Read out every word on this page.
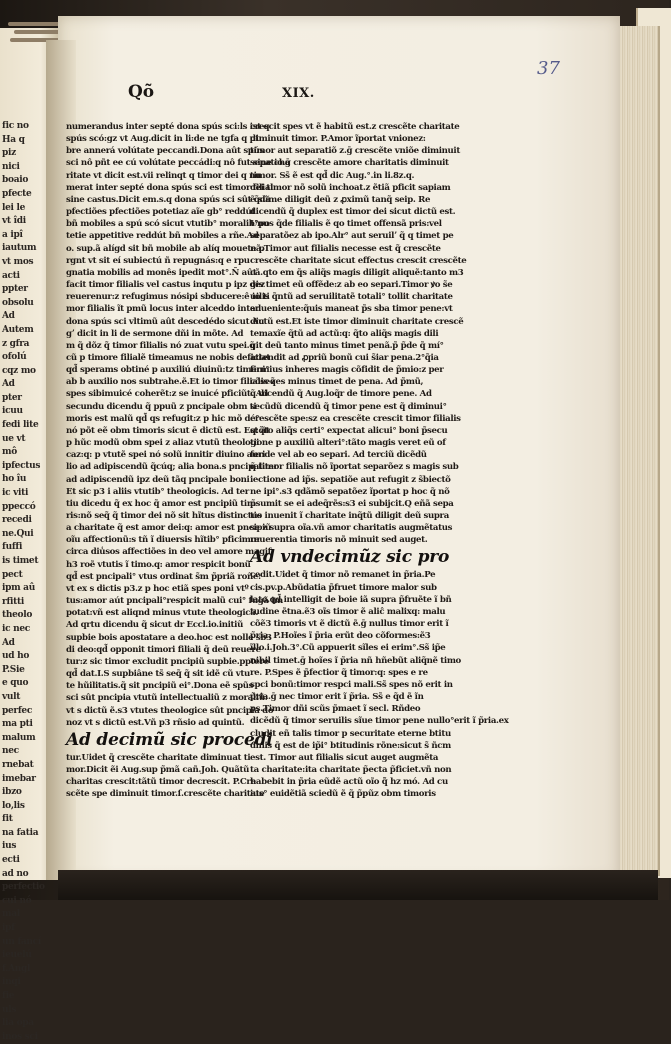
fic no
Ha q
piz
nici
boaio
pfecte
lei le
vt îdi
a ipî
iautum
vt mos
acti
ppter
obsolu
Ad
Autem
z gfra
ofolú
cqz mo
Ad
pter
icuu
fedi lite
ue vt
mô
ipfectus
ho îu
ic viti
ppeccó
recedi
ne.Qui
fuffi
is timet
pect
ipm aû
rfitti
theolo
ic nec
Ad
ud ho
P.Sie
e quo
vult
perfec
ma pti
malum
nec
rnebat
imebar
ibzo
lo,lis
fit
na fatia
ius
ecti
ad no
perfectio
cui nó
mal
ipf
un fancí
ieuelú
f.Angl
inqi
fie
uls
lia opa
inos sci
Qõ	XIX.
37
numerandus inter septé dona spús sci:ls ist q
spús scó:gz vt Aug.dicit in li:de ne tgfa q pt
bre annerá volútate peccandi.Dona aût spús
sci nô pñt ee cú volútate peccádi:q nô fut sine cha
ritate vt dicit est.vii relinqt q timor dei q nu
merat inter septé dona spús sci est timor filial
sine castus.Dicit em.s.q dona spús sci sût q̃dă
pfectiões pfectiões potetiaz aĩe gb° reddút
bñ mobiles a spú scó sicut vtutib° moralib°po
tetie appetitive reddút bñ mobiles a rñe.Ad
o. sup.ã alígd sit bñ mobile ab alíq mouete p
rgnt vt sit eí subiectú ñ repugnás:q e rpu
gnatia mobilis ad monês ipedit mot°.Ñ aût
facit timor filialis vel castus inqutu p ipz dez
reuerenur:z refugimus nósipi sbducere:ê io ti
mor filialis ĩt pmũ locus inter alceddo inter
dona spús sci vltimũ aût descedédo sicut Au
gʼ dicit in li de sermone dñi in mõte. Ad
m q̃ dõz q̃ timor filialis nó zuat vutu spei.q̃
cũ p timore filialẽ timeamus ne nobis deficiat
qd̃ sperams obtiné p auxiliú diuinũ:tz timeni°
ab b auxilio nos subtrahe.ẽ.Et io timor filialis z
spes sibimuicé coherẽt:z se inuicé pficiũt. Ad
secundu dicendu q̃ ppuũ z pncipale obm ti
moris est malũ qd̃ qs refugit:z p hic mõ dé°
nó põt eẽ obm timoris sicut ē dictũ est. Est ãt
p hũc modũ obm spei z aliaz vtutũ theologi
caz:q: p vtutẽ spei nó solũ innitir diuino auri
lio ad adipiscendũ q̃cúq; alia bona.s pncipaliter
ad adipiscendũ ipz deũ tãq pncipale boni
Et sic p3 i aliis vtutib° theologicis. Ad ter
tiu dicedu q̃ ex hoc q̃ amor est pncipiũ tim
ris:nõ seq̃ q̃ timor dei nõ sit hĩtus distinctus
a charitate q̃ est amor dei:q: amor est pncipiũ
oĩu affectionũ:s tñ ĩ diuersis hĩtib° pficimur
circa diu̾sos affectiões in deo vel amore magif
h3 roẽ vtutis ĩ timo.q: amor respicit bonũ
qd̃ est pncipali° vtus ordinat s̃m p̃priã roñe:
vt ex s dictis p3.z p hoc etiã spes poni vtº
tus:amor aút pncipali°respicit malũ cui° fugã im
potat:vñ est aliqnd minus vtute theologica.
Ad qrtu dicendu q̃ sicut dr Eccl.io.initiũ
supbie bois apostatare a deo.hoc est nolle sb3
di deo:qd̃ opponit timori filiali q̃ deũ reuere
tur:z sic timor excludit pncipiũ supbie.pptere
qd̃ dat.I.S supbiâne ts̃ seq̃ q̃ sit idẽ cũ vtu
te hũilitatis.q̃ sit pncipiũ ei°.Dona eẽ spũs
sci sût pncipia vtutũ intellectualiũ z moraliũ:
vt s dictũ ẽ.s3 vtutes theologice sût pncipia do
noz vt s dictũ est.Vñ p3 rñsio ad quintũ.
Ad decimũ sic procedi
tur.Uidet q̃ crescẽte charitate diminuat ti
mor.Dicit ẽi Aug.sup p̃mã cañ.Joh. Quãtũ
charitas crescit:tãtũ timor decrescit. P.Cre
scẽte spe diminuit timor.ſ.crescẽte charitate
crescit spes vt ẽ habitũ est.z crescẽte charitate
diminuit timor. P.Amor ĩportat vnionez:
timor aut separatiõ z.ḡ crescẽte vniõe diminuit
sepatio.ḡ crescẽte amore charitatis diminuit
timor. Ss̃ ẽ est qd̃ dic Aug.°.in li.8z.q.
dei timor nõ solũ inchoat.z ẽtiã pficit sapiam
ẽ sũme diligit deũ z ꝓximũ tanq̃ seip. Re
dicendũ q̃ duplex est timor dei sicut dictũ est.
Unus q̃de filialis ẽ qo timet offensã pris:vel
separatõez ab ipo.Alr° aut seruilʼ q̃ q timet pe
nã.Timor aut filialis necesse est q̃ crescẽte
crescẽte charitate sicut effectus crescit crescẽte
cã.qto em q̃s aliq̃s magis diligit aliquẽ:tanto m3
gis timet eũ offẽde:z ab eo separi.Timor ꝟo s̃e
uilis q̃ntũ ad seruilitatẽ totali° tollit charitate
adueniente:q̃uis maneat p̃s sba timor pene:vt
dictũ est.Et iste timor diminuit charitate crescẽ
temaxĩe q̃tũ ad actũ:q: q̃to aliq̃s magis dili
git deũ tanto minus timet penã.p̃ p̃de q̃ mí°
attendit ad ꝓpriũ bonũ cui s̃iar pena.2°q̃ia
firmius inheres magis cõfidit de p̃mio:z per
cõseq̃es minus timet de pena. Ad p̃mũ,
q̃ dicendũ q̃ Aug.loq̃r de timore pene. Ad
secũdũ dicendũ q̃ timor pene est q̃ diminui°
crescẽte spe:sz ea crescẽte crescit timor filialis
q:q̃to aliq̃s certi° expectat alicui° boni p̃secu
tione p auxiliũ alteri°:tãto magis veret eũ of
fende vel ab eo separi. Ad terciũ dicẽdũ
q̃ timor filialis nõ ĩportat separõez s magis sub
iectione ad ip̃s. sepatiõe aut refugit z s̃biectõ
ne ipi°.s3 qdãmõ sepatõez ĩportat p hoc q̃ nõ
p̃sumit se ei adeq̃rẽs:s3 ei subijcit.Q eñã sepa
tio inuenit ĩ charitate inq̃tũ diligit deũ supra
se z supra oĩa.vñ amor charitatis augmẽtatus
reuerentia timoris nõ minuit sed auget.
Ad vndecimũz sic pro
cedit.Uidet q̃ timor nõ remanet in p̃ria.Pe
cis.pv.p.Abũdatia p̃fruet timore malor sub
lato.qd̃ intelligit de boie iã supra p̃fruẽte ĩ bñ
tudine ẽtna.ẽ3 oĩs timor ẽ aliĉ malixq: malu
cõẽ3 timoris vt ẽ dictũ ẽ.ḡ nullus timor erit ĩ
p̃ria. P.Hoĩes ĩ p̃ria erũt deo cõformes:ẽ3
ĩllo.i.Joh.3°.Cũ appuerit sĩles ei erim°.Ss̃ ip̃e
nihil timet.ḡ hoĩes ĩ p̃ria nñ hñebũt aliq̃nẽ timo
re. P.Spes ẽ p̃fectior q̃ timor:q: spes e re
spci bonũ:timor respci mali.Ss̃ spes nõ erit in
p̃ria.ḡ nec timor erit ĩ p̃ria. Ss̃ e q̃d ẽ ĩn
ps.Timor dñi scũs p̃maet ĩ secl. Rñdeo
dicẽdũ q̃ timor seruilis sĩue timor pene nullo°erit ĩ p̃ria.ex
cludit eñ talis timor p securitate eterne btitu
dinis q̃ est de ip̃i° btitudinis rõne:sicut s̃ ñcm
est. Timor aut filialis sicut auget augmẽta
ta charitate:ita charitate p̃ecta p̃ficiet.vñ non
habebit in p̃ria eũdẽ actũ oĩo q̃̃ hz mó. Ad cu
ius° euidẽtiã sciedũ ẽ q̃ p̃pũz obm timoris
